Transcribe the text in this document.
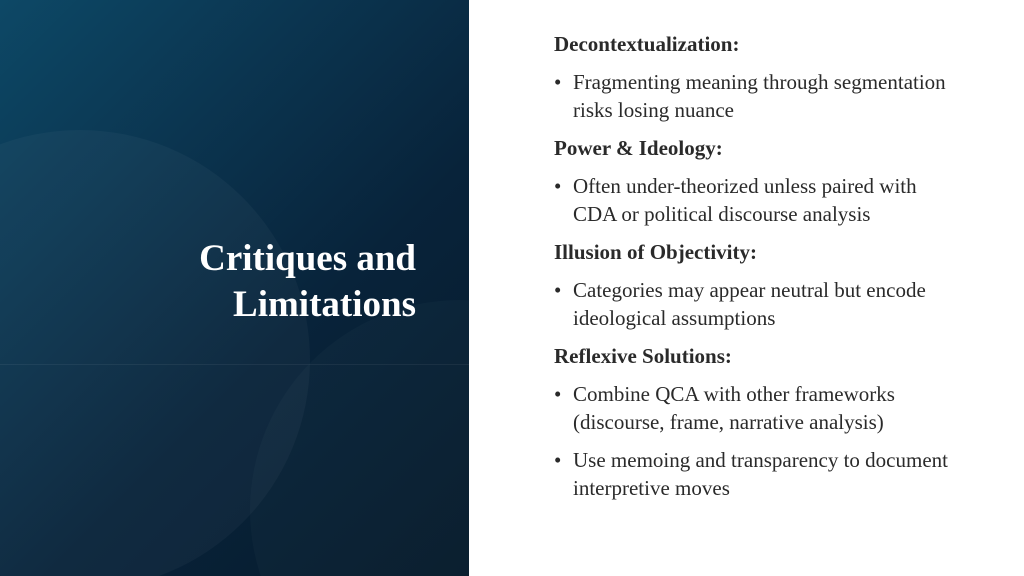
Critiques and
Limitations
Decontextualization:
• Fragmenting meaning through segmentation risks losing nuance
Power & Ideology:
• Often under-theorized unless paired with CDA or political discourse analysis
Illusion of Objectivity:
• Categories may appear neutral but encode ideological assumptions
Reflexive Solutions:
• Combine QCA with other frameworks (discourse, frame, narrative analysis)
• Use memoing and transparency to document interpretive moves
